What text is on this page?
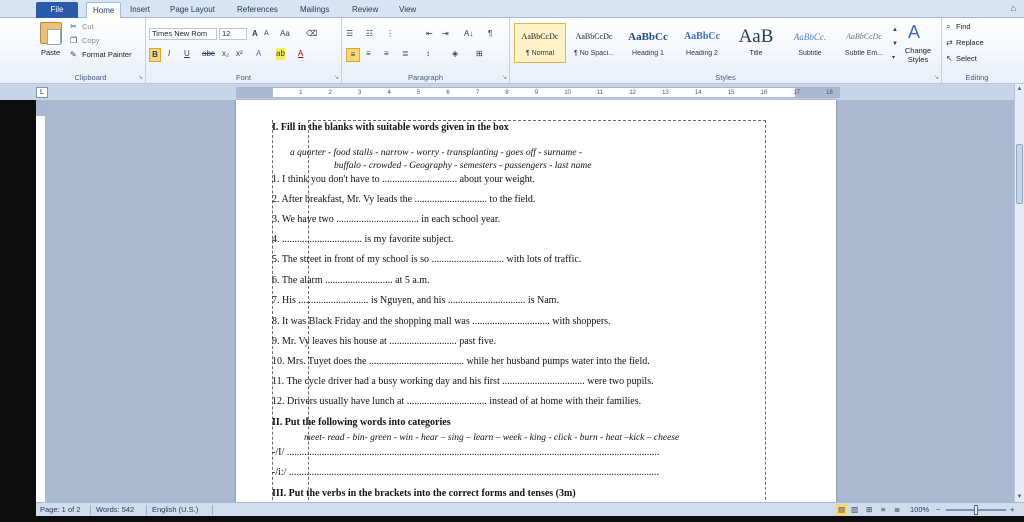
File	Home	Insert	Page Layout	References	Mailings	Review	View	⌂
Paste
✂ Cut
❐ Copy
✎ Format Painter
Clipboard	↘
Times New Rom	12	A A Aa ⌫
B	I U abc x₂ x² A ab A
Font	↘
☰ ☷ ⋮	⇤ ⇥ A↓ ¶
≡	≡ ≡ ≣ ↕	◈ ⊞
Paragraph	↘
AaBbCcDc
¶ Normal
AaBbCcDc
¶ No Spaci...
AaBbCc
Heading 1
AaBbCc
Heading 2
AaB
Title
AaBbCc.
Subtitle
AaBbCcDc
Subtle Em...
▲
▼
▾
A
Change Styles
Styles	↘
⌕ Find
⇄ Replace
↖ Select
Editing
L	1	2	3	4	5	6	7	8	9	10	11	12	13	14	15	16	17	18
I. Fill in the blanks with suitable words given in the box
a quarter - food stalls - narrow - worry - transplanting - goes off - surname -
buffalo - crowded - Geography - semesters - passengers - last name
1. I think you don't have to .............................. about your weight.
2. After breakfast, Mr. Vy leads the ............................. to the field.
3. We have two ................................. in each school year.
4. ................................ is my favorite subject.
5. The street in front of my school is so ............................. with lots of traffic.
6. The alarm ........................... at 5 a.m.
7. His ............................ is Nguyen, and his ............................... is Nam.
8. It was Black Friday and the shopping mall was ............................... with shoppers.
9. Mr. Vy leaves his house at ........................... past five.
10. Mrs. Tuyet does the ...................................... while her husband pumps water into the field.
11. The cycle driver had a busy working day and his first ................................. were two pupils.
12. Drivers usually have lunch at ................................ instead of at home with their families.
II. Put the following words into categories
meet- read - bin- green - win - hear – sing – learn – week - king - click - burn - heat –kick – cheese
-/I/ .....................................................................................................................................................
-/i:/ ....................................................................................................................................................
III. Put the verbs in the brackets into the correct forms and tenses (3m)
▲
▼
Page: 1 of 2 Words: 542 English (U.S.)	▤ ▥ ⊞ ≡ ≣ 100% −	+
